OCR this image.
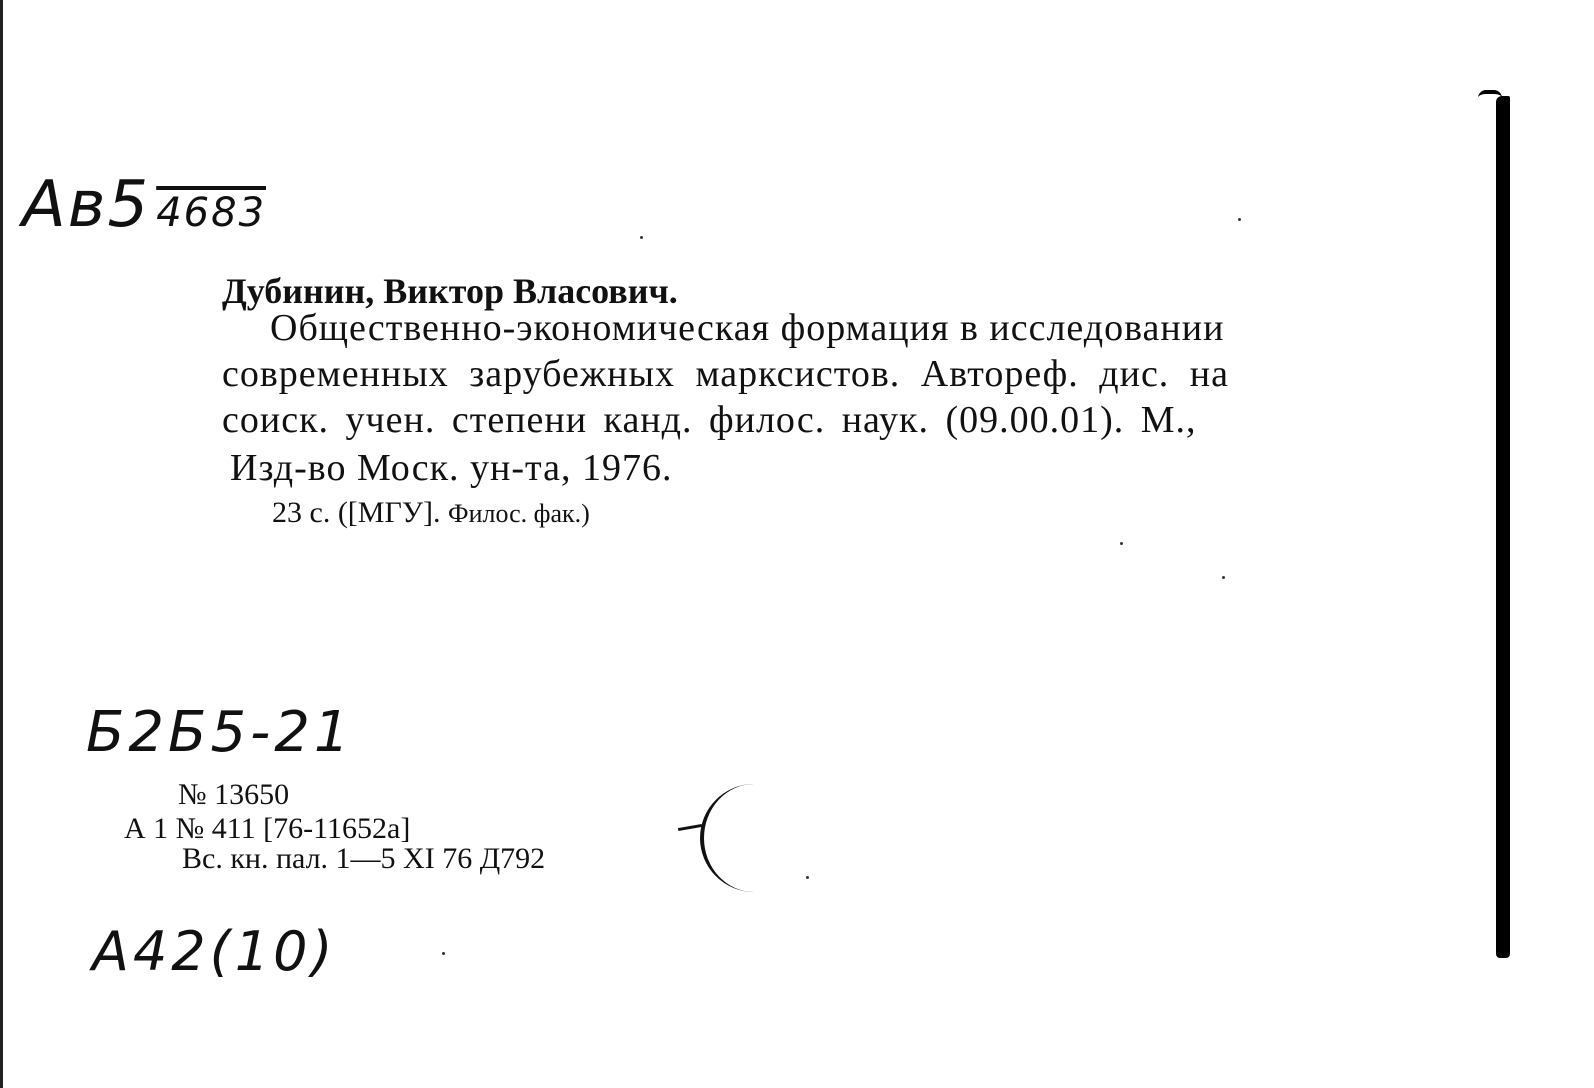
Ав5 4683
Дубинин, Виктор Власович.
Общественно-экономическая формация в исследовании
современных зарубежных марксистов. Автореф. дис. на
соиск. учен. степени канд. филос. наук. (09.00.01). М.,
Изд-во Моск. ун-та, 1976.
23 с. ([МГУ]. Филос. фак.)
Б2Б5-21
№ 13650
А 1 № 411 [76-11652а]
Вс. кн. пал. 1—5 XI 76 Д792
А42(10)
